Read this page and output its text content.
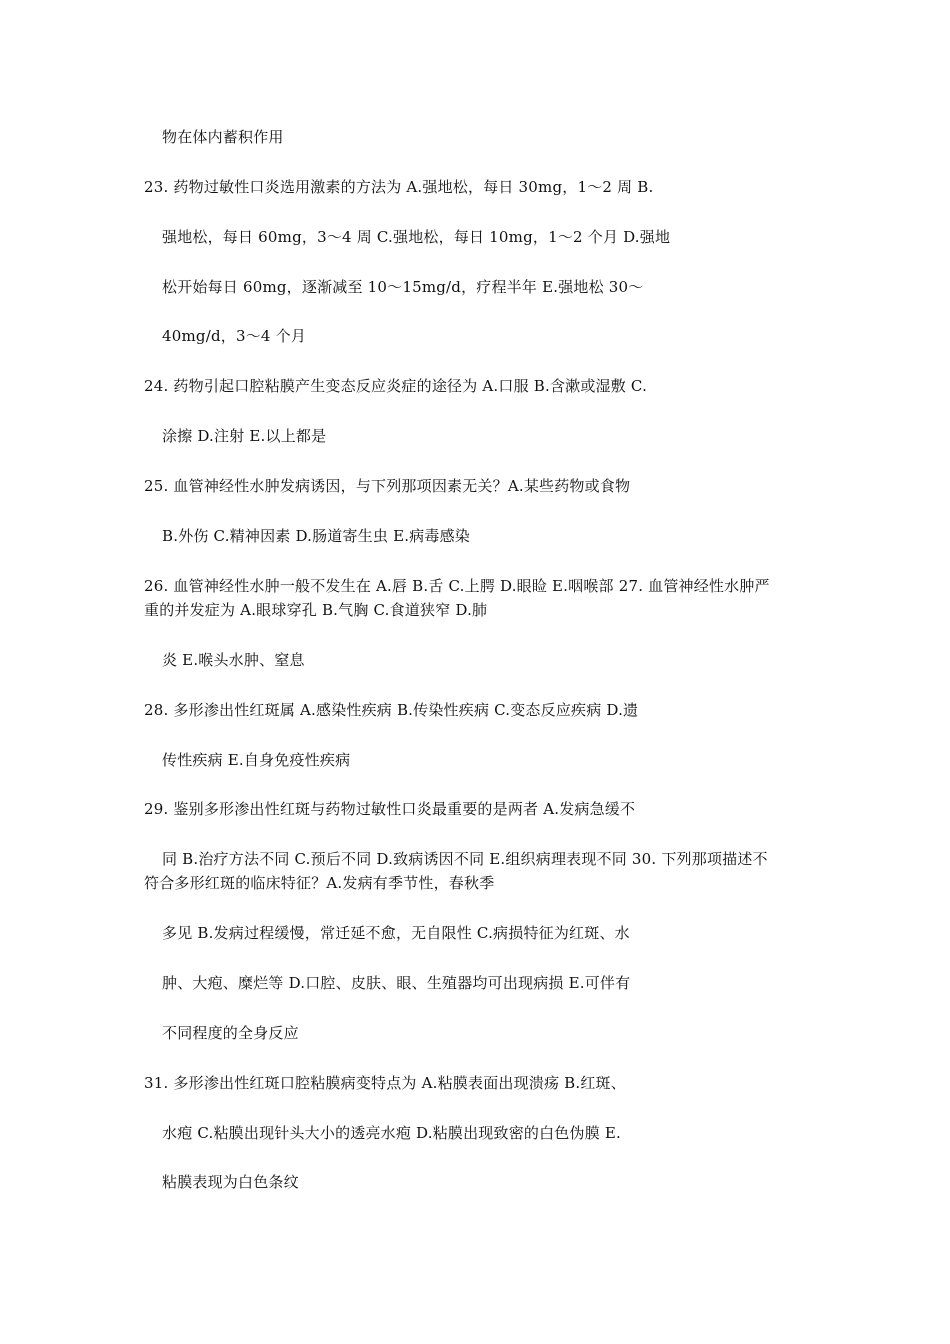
物在体内蓄积作用
23. 药物过敏性口炎选用激素的方法为 A.强地松，每日 30mg，1～2 周 B.
强地松，每日 60mg，3～4 周 C.强地松，每日 10mg，1～2 个月 D.强地
松开始每日 60mg，逐渐减至 10～15mg/d，疗程半年 E.强地松 30～
40mg/d，3～4 个月
24. 药物引起口腔粘膜产生变态反应炎症的途径为 A.口服 B.含漱或湿敷 C.
涂擦 D.注射 E.以上都是
25. 血管神经性水肿发病诱因，与下列那项因素无关？A.某些药物或食物
B.外伤 C.精神因素 D.肠道寄生虫 E.病毒感染
26. 血管神经性水肿一般不发生在 A.唇 B.舌 C.上腭 D.眼睑 E.咽喉部 27. 血管神经性水肿严
重的并发症为 A.眼球穿孔 B.气胸 C.食道狭窄 D.肺
炎 E.喉头水肿、窒息
28. 多形渗出性红斑属 A.感染性疾病 B.传染性疾病 C.变态反应疾病 D.遗
传性疾病 E.自身免疫性疾病
29. 鉴别多形渗出性红斑与药物过敏性口炎最重要的是两者 A.发病急缓不
同 B.治疗方法不同 C.预后不同 D.致病诱因不同 E.组织病理表现不同 30. 下列那项描述不
符合多形红斑的临床特征？A.发病有季节性，春秋季
多见 B.发病过程缓慢，常迁延不愈，无自限性 C.病损特征为红斑、水
肿、大疱、糜烂等 D.口腔、皮肤、眼、生殖器均可出现病损 E.可伴有
不同程度的全身反应
31. 多形渗出性红斑口腔粘膜病变特点为 A.粘膜表面出现溃疡 B.红斑、
水疱 C.粘膜出现针头大小的透亮水疱 D.粘膜出现致密的白色伪膜 E.
粘膜表现为白色条纹
